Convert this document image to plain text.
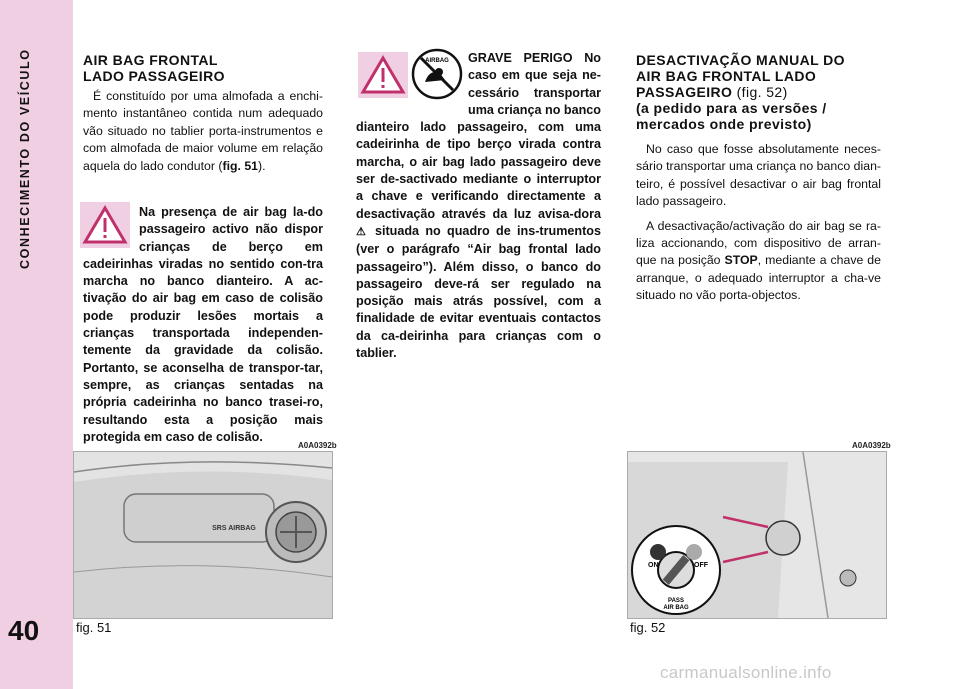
CONHECIMENTO DO VEÍCULO
40
AIR BAG FRONTAL
LADO PASSAGEIRO
É constituído por uma almofada a enchi-mento instantâneo contida num adequado vão situado no tablier porta-instrumentos e com almofada de maior volume em relação aquela do lado condutor (fig. 51).
Na presença de air bag la-do passageiro activo não dispor crianças de berço em cadeirinhas viradas no sentido con-tra marcha no banco dianteiro. A ac-tivação do air bag em caso de colisão pode produzir lesões mortais a crianças transportada independen-temente da gravidade da colisão. Portanto, se aconselha de transpor-tar, sempre, as crianças sentadas na própria cadeirinha no banco trasei-ro, resultando esta a posição mais protegida em caso de colisão.
AIRBAG	GRAVE PERIGO No caso em que seja ne-cessário transportar uma criança no banco dianteiro lado passageiro, com uma cadeirinha de tipo berço virada contra marcha, o air bag lado passageiro deve ser de-sactivado mediante o interruptor a chave e verificando directamente a desactivação através da luz avisa-dora ⚠ situada no quadro de ins-trumentos (ver o parágrafo “Air bag frontal lado passageiro”). Além disso, o banco do passageiro deve-rá ser regulado na posição mais atrás possível, com a finalidade de evitar eventuais contactos da ca-deirinha para crianças com o tablier.
DESACTIVAÇÃO MANUAL DO
AIR BAG FRONTAL LADO
PASSAGEIRO (fig. 52)
(a pedido para as versões /
mercados onde previsto)
No caso que fosse absolutamente neces-sário transportar uma criança no banco dian-teiro, é possível desactivar o air bag frontal lado passageiro.
A desactivação/activação do air bag se ra-liza accionando, com dispositivo de arran-que na posição STOP, mediante a chave de arranque, o adequado interruptor a cha-ve situado no vão porta-objectos.
A0A0392b
SRS AIRBAG
fig. 51
A0A0392b
ON	OFF
PASS
AIR BAG
fig. 52
carmanualsonline.info
